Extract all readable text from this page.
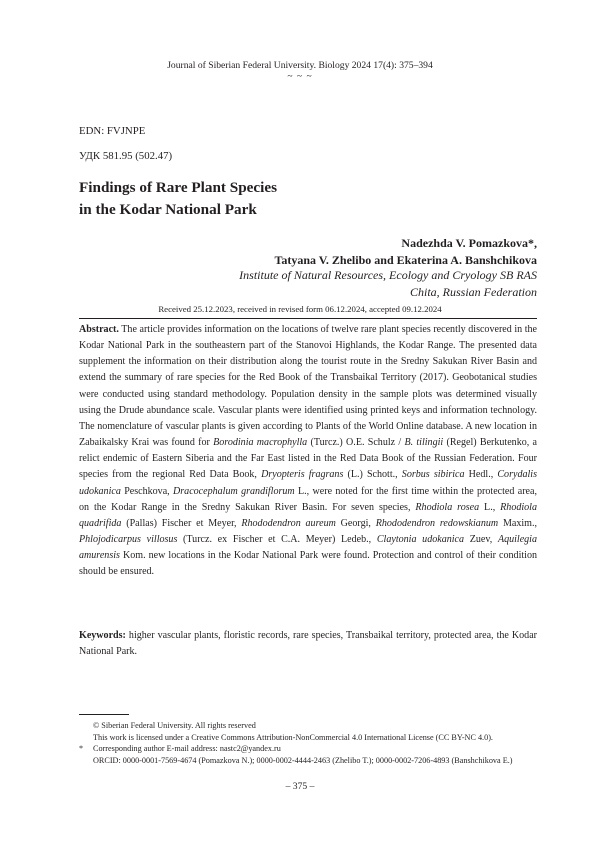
Journal of Siberian Federal University. Biology 2024 17(4): 375–394
~ ~ ~
EDN: FVJNPE
УДК 581.95 (502.47)
Findings of Rare Plant Species
in the Kodar National Park
Nadezhda V. Pomazkova*,
Tatyana V. Zhelibo and Ekaterina A. Banshchikova
Institute of Natural Resources, Ecology and Cryology SB RAS
Chita, Russian Federation
Received 25.12.2023, received in revised form 06.12.2024, accepted 09.12.2024
Abstract. The article provides information on the locations of twelve rare plant species recently discovered in the Kodar National Park in the southeastern part of the Stanovoi Highlands, the Kodar Range. The presented data supplement the information on their distribution along the tourist route in the Sredny Sakukan River Basin and extend the summary of rare species for the Red Book of the Transbaikal Territory (2017). Geobotanical studies were conducted using standard methodology. Population density in the sample plots was determined visually using the Drude abundance scale. Vascular plants were identified using printed keys and information technology. The nomenclature of vascular plants is given according to Plants of the World Online database. A new location in Zabaikalsky Krai was found for Borodinia macrophylla (Turcz.) O.E. Schulz / B. tilingii (Regel) Berkutenko, a relict endemic of Eastern Siberia and the Far East listed in the Red Data Book of the Russian Federation. Four species from the regional Red Data Book, Dryopteris fragrans (L.) Schott., Sorbus sibirica Hedl., Corydalis udokanica Peschkova, Dracocephalum grandiflorum L., were noted for the first time within the protected area, on the Kodar Range in the Sredny Sakukan River Basin. For seven species, Rhodiola rosea L., Rhodiola quadrifida (Pallas) Fischer et Meyer, Rhododendron aureum Georgi, Rhododendron redowskianum Maxim., Phlojodicarpus villosus (Turcz. ex Fischer et C.A. Meyer) Ledeb., Claytonia udokanica Zuev, Aquilegia amurensis Kom. new locations in the Kodar National Park were found. Protection and control of their condition should be ensured.
Keywords: higher vascular plants, floristic records, rare species, Transbaikal territory, protected area, the Kodar National Park.
© Siberian Federal University. All rights reserved
This work is licensed under a Creative Commons Attribution-NonCommercial 4.0 International License (CC BY-NC 4.0).
* Corresponding author E-mail address: nastc2@yandex.ru
ORCID: 0000-0001-7569-4674 (Pomazkova N.); 0000-0002-4444-2463 (Zhelibo T.); 0000-0002-7206-4893 (Banshchikova E.)
– 375 –
